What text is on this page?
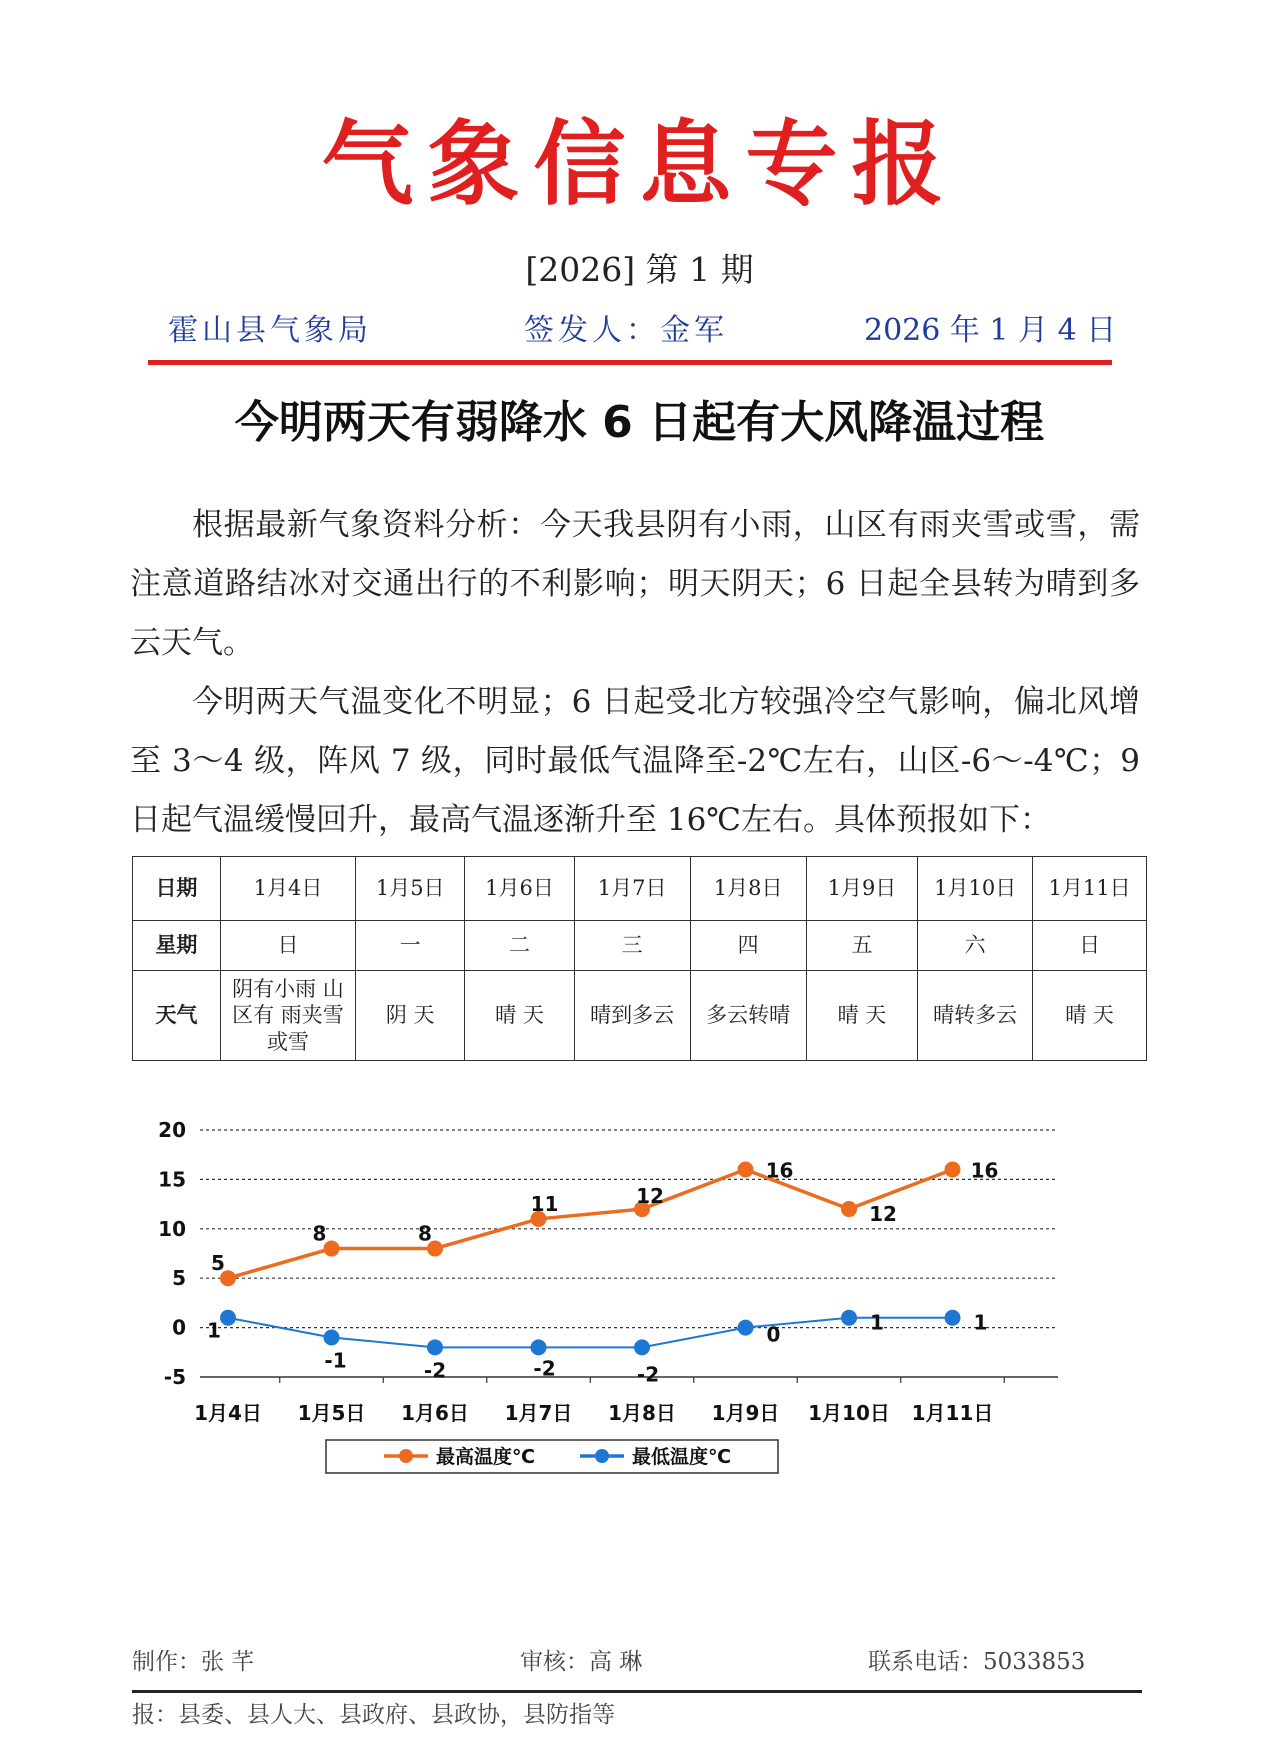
气象信息专报
[2026] 第 1 期
霍山县气象局	签发人：金军	2026 年 1 月 4 日
今明两天有弱降水 6 日起有大风降温过程

根据最新气象资料分析：今天我县阴有小雨，山区有雨夹雪或雪，需注意道路结冰对交通出行的不利影响；明天阴天；6 日起全县转为晴到多云天气。

今明两天气温变化不明显；6 日起受北方较强冷空气影响，偏北风增至 3～4 级，阵风 7 级，同时最低气温降至-2℃左右，山区-6～-4℃；9 日起气温缓慢回升，最高气温逐渐升至 16℃左右。具体预报如下：

日期	1月4日	1月5日	1月6日	1月7日	1月8日	1月9日	1月10日	1月11日
星期	日	一	二	三	四	五	六	日
天气	阴有小雨 山区有 雨夹雪或雪	阴 天	晴 天	晴到多云	多云转晴	晴 天	晴转多云	晴 天
20
15
10
5
0
-5
1月4日 1月5日 1月6日 1月7日 1月8日 1月9日 1月10日 1月11日
5
8	8
11	12
16
12
16
1
-1	-2	-2	-2
0	1	1
最高温度℃	最低温度℃
制作：张 芊	审核：高 琳	联系电话：5033853
报：县委、县人大、县政府、县政协，县防指等
